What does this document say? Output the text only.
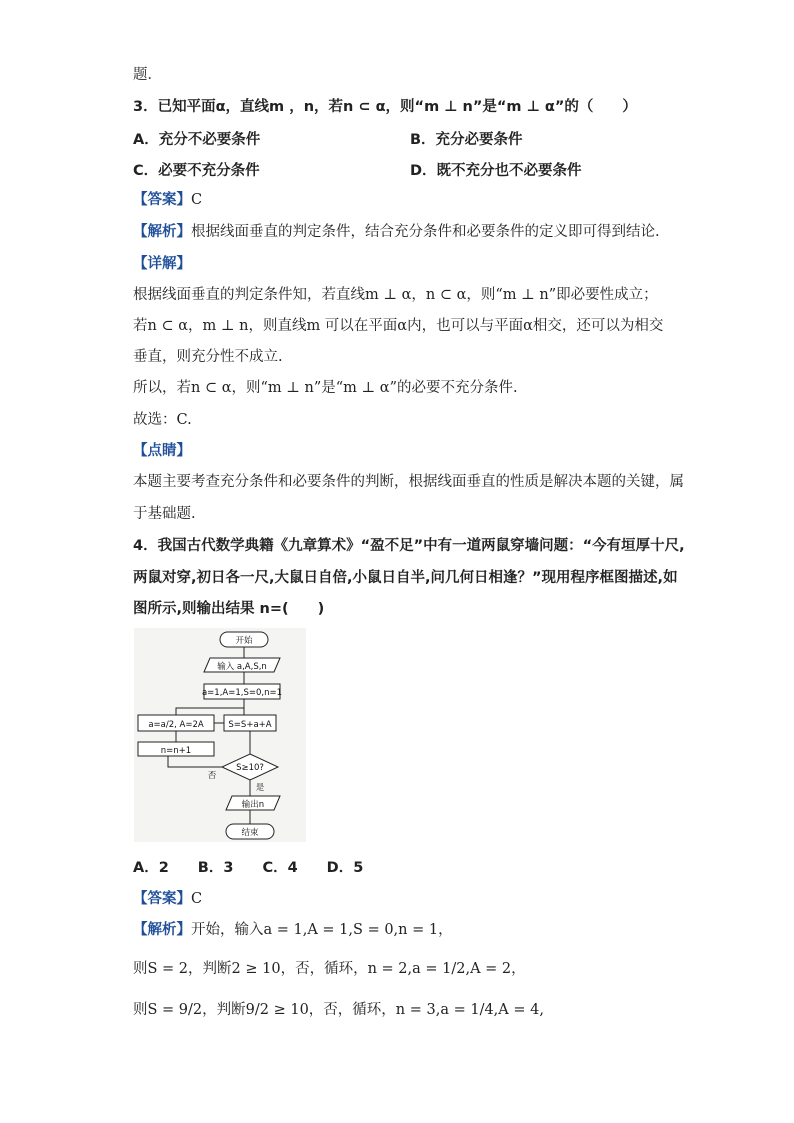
题．
3．已知平面α，直线m ，n，若n ⊂ α，则“m ⊥ n”是“m ⊥ α”的（　　）
A．充分不必要条件	B．充分必要条件
C．必要不充分条件	D．既不充分也不必要条件
【答案】C
【解析】根据线面垂直的判定条件，结合充分条件和必要条件的定义即可得到结论.
【详解】
根据线面垂直的判定条件知，若直线m ⊥ α，n ⊂ α，则“m ⊥ n”即必要性成立；
若n ⊂ α，m ⊥ n，则直线m 可以在平面α内，也可以与平面α相交，还可以为相交
垂直，则充分性不成立.
所以，若n ⊂ α，则“m ⊥ n”是“m ⊥ α”的必要不充分条件.
故选：C.
【点睛】
本题主要考查充分条件和必要条件的判断，根据线面垂直的性质是解决本题的关键，属
于基础题.
4．我国古代数学典籍《九章算术》“盈不足”中有一道两鼠穿墙问题：“今有垣厚十尺,
两鼠对穿,初日各一尺,大鼠日自倍,小鼠日自半,问几何日相逢？”现用程序框图描述,如
图所示,则输出结果 n=(　　)
开始
输入 a,A,S,n
a=1,A=1,S=0,n=1
S=S+a+A
a=a/2, A=2A
n=n+1
S≥10?
否
是
输出n
结束
A．2　　B．3　　C．4　　D．5
【答案】C
【解析】开始，输入a = 1,A = 1,S = 0,n = 1，
则S = 2，判断2 ≥ 10，否，循环，n = 2,a = 1/2,A = 2，
则S = 9/2，判断9/2 ≥ 10，否，循环，n = 3,a = 1/4,A = 4,
